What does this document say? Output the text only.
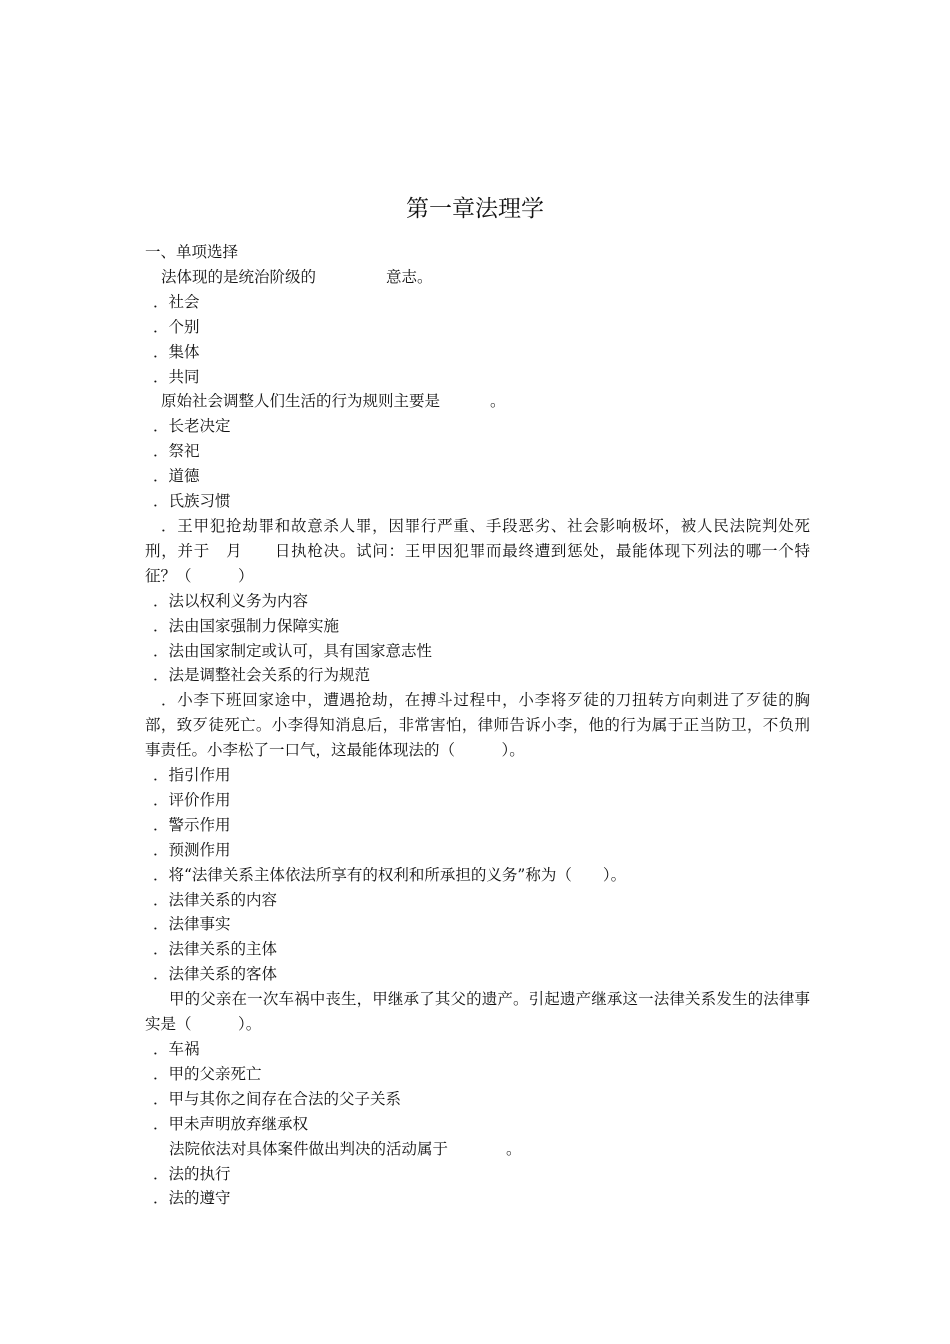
第一章法理学
一、单项选择
法体现的是统治阶级的	意志。
．社会
．个别
．集体
．共同
原始社会调整人们生活的行为规则主要是	。
．长老决定
．祭祀
．道德
．氏族习惯
．王甲犯抢劫罪和故意杀人罪，因罪行严重、手段恶劣、社会影响极坏，被人民法院判处死刑，并于　月　　日执枪决。试问：王甲因犯罪而最终遭到惩处，最能体现下列法的哪一个特征？（　　　）
．法以权利义务为内容
．法由国家强制力保障实施
．法由国家制定或认可，具有国家意志性
．法是调整社会关系的行为规范
．小李下班回家途中，遭遇抢劫，在搏斗过程中，小李将歹徒的刀扭转方向刺进了歹徒的胸部，致歹徒死亡。小李得知消息后，非常害怕，律师告诉小李，他的行为属于正当防卫，不负刑事责任。小李松了一口气，这最能体现法的（　　　）。
．指引作用
．评价作用
．警示作用
．预测作用
．将“法律关系主体依法所享有的权利和所承担的义务”称为（　　）。
．法律关系的内容
．法律事实
．法律关系的主体
．法律关系的客体
甲的父亲在一次车祸中丧生，甲继承了其父的遗产。引起遗产继承这一法律关系发生的法律事实是（　　　）。
．车祸
．甲的父亲死亡
．甲与其你之间存在合法的父子关系
．甲未声明放弃继承权
法院依法对具体案件做出判决的活动属于	。
．法的执行
．法的遵守
